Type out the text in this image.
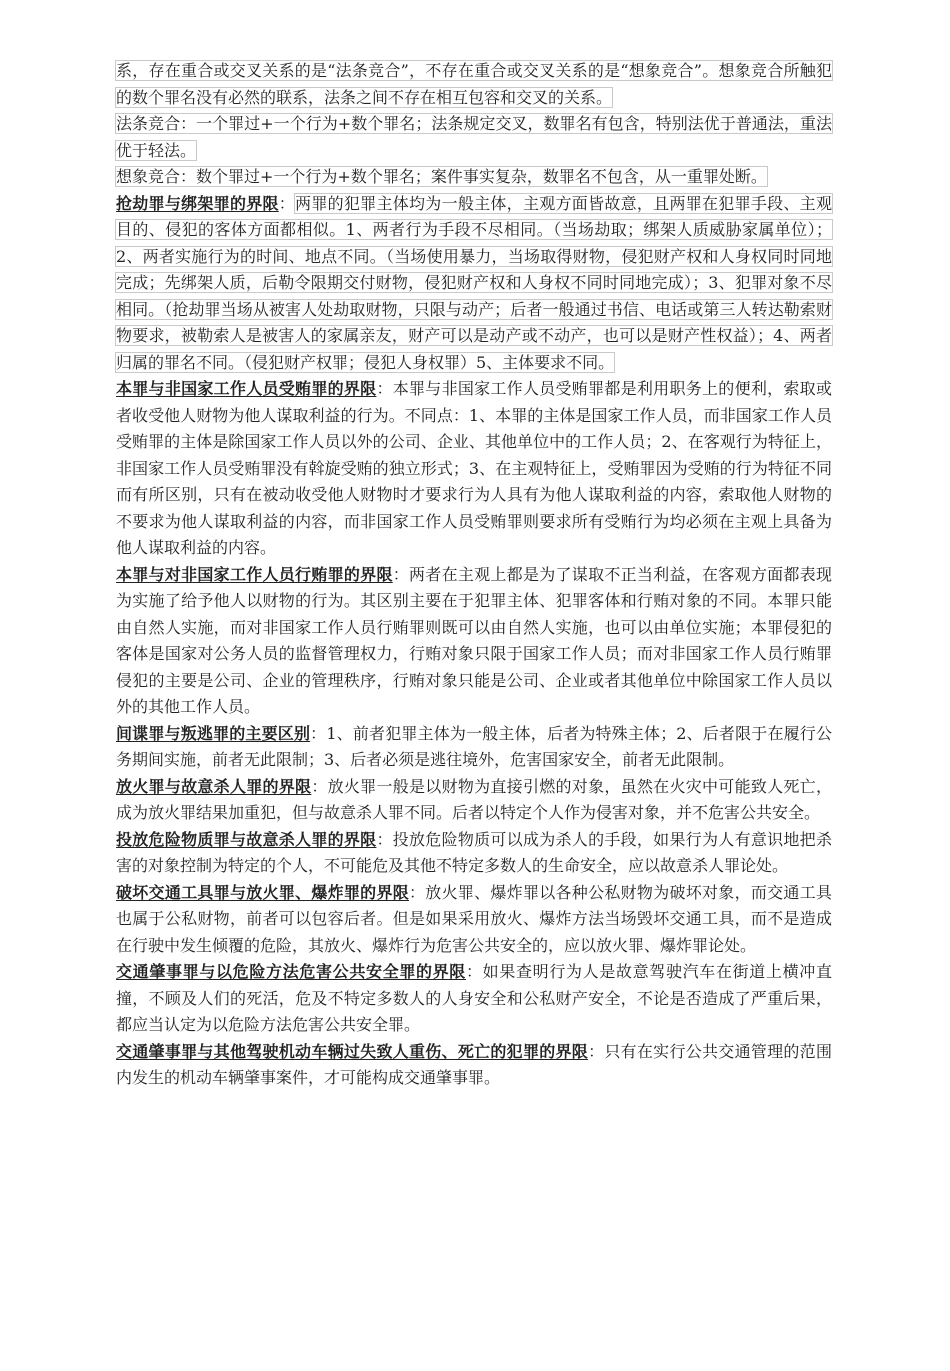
系，存在重合或交叉关系的是“法条竞合”，不存在重合或交叉关系的是“想象竞合”。想象竞合所触犯的数个罪名没有必然的联系，法条之间不存在相互包容和交叉的关系。

法条竞合：一个罪过+一个行为+数个罪名；法条规定交叉，数罪名有包含，特别法优于普通法，重法优于轻法。

想象竞合：数个罪过+一个行为+数个罪名；案件事实复杂，数罪名不包含，从一重罪处断。

抢劫罪与绑架罪的界限：两罪的犯罪主体均为一般主体，主观方面皆故意，且两罪在犯罪手段、主观目的、侵犯的客体方面都相似。1、两者行为手段不尽相同。（当场劫取；绑架人质威胁家属单位）；2、两者实施行为的时间、地点不同。（当场使用暴力，当场取得财物，侵犯财产权和人身权同时同地完成；先绑架人质，后勒令限期交付财物，侵犯财产权和人身权不同时同地完成）；3、犯罪对象不尽相同。（抢劫罪当场从被害人处劫取财物，只限与动产；后者一般通过书信、电话或第三人转达勒索财物要求，被勒索人是被害人的家属亲友，财产可以是动产或不动产，也可以是财产性权益）；4、两者归属的罪名不同。（侵犯财产权罪；侵犯人身权罪）5、主体要求不同。

本罪与非国家工作人员受贿罪的界限：本罪与非国家工作人员受贿罪都是利用职务上的便利，索取或者收受他人财物为他人谋取利益的行为。不同点：1、本罪的主体是国家工作人员，而非国家工作人员受贿罪的主体是除国家工作人员以外的公司、企业、其他单位中的工作人员；2、在客观行为特征上，非国家工作人员受贿罪没有斡旋受贿的独立形式；3、在主观特征上，受贿罪因为受贿的行为特征不同而有所区别，只有在被动收受他人财物时才要求行为人具有为他人谋取利益的内容，索取他人财物的不要求为他人谋取利益的内容，而非国家工作人员受贿罪则要求所有受贿行为均必须在主观上具备为他人谋取利益的内容。

本罪与对非国家工作人员行贿罪的界限：两者在主观上都是为了谋取不正当利益，在客观方面都表现为实施了给予他人以财物的行为。其区别主要在于犯罪主体、犯罪客体和行贿对象的不同。本罪只能由自然人实施，而对非国家工作人员行贿罪则既可以由自然人实施，也可以由单位实施；本罪侵犯的客体是国家对公务人员的监督管理权力，行贿对象只限于国家工作人员；而对非国家工作人员行贿罪侵犯的主要是公司、企业的管理秩序，行贿对象只能是公司、企业或者其他单位中除国家工作人员以外的其他工作人员。

间谍罪与叛逃罪的主要区别：1、前者犯罪主体为一般主体，后者为特殊主体；2、后者限于在履行公务期间实施，前者无此限制；3、后者必须是逃往境外，危害国家安全，前者无此限制。

放火罪与故意杀人罪的界限：放火罪一般是以财物为直接引燃的对象，虽然在火灾中可能致人死亡，成为放火罪结果加重犯，但与故意杀人罪不同。后者以特定个人作为侵害对象，并不危害公共安全。

投放危险物质罪与故意杀人罪的界限：投放危险物质可以成为杀人的手段，如果行为人有意识地把杀害的对象控制为特定的个人，不可能危及其他不特定多数人的生命安全，应以故意杀人罪论处。

破坏交通工具罪与放火罪、爆炸罪的界限：放火罪、爆炸罪以各种公私财物为破坏对象，而交通工具也属于公私财物，前者可以包容后者。但是如果采用放火、爆炸方法当场毁坏交通工具，而不是造成在行驶中发生倾覆的危险，其放火、爆炸行为危害公共安全的，应以放火罪、爆炸罪论处。

交通肇事罪与以危险方法危害公共安全罪的界限：如果查明行为人是故意驾驶汽车在街道上横冲直撞，不顾及人们的死活，危及不特定多数人的人身安全和公私财产安全，不论是否造成了严重后果，都应当认定为以危险方法危害公共安全罪。

交通肇事罪与其他驾驶机动车辆过失致人重伤、死亡的犯罪的界限：只有在实行公共交通管理的范围内发生的机动车辆肇事案件，才可能构成交通肇事罪。
